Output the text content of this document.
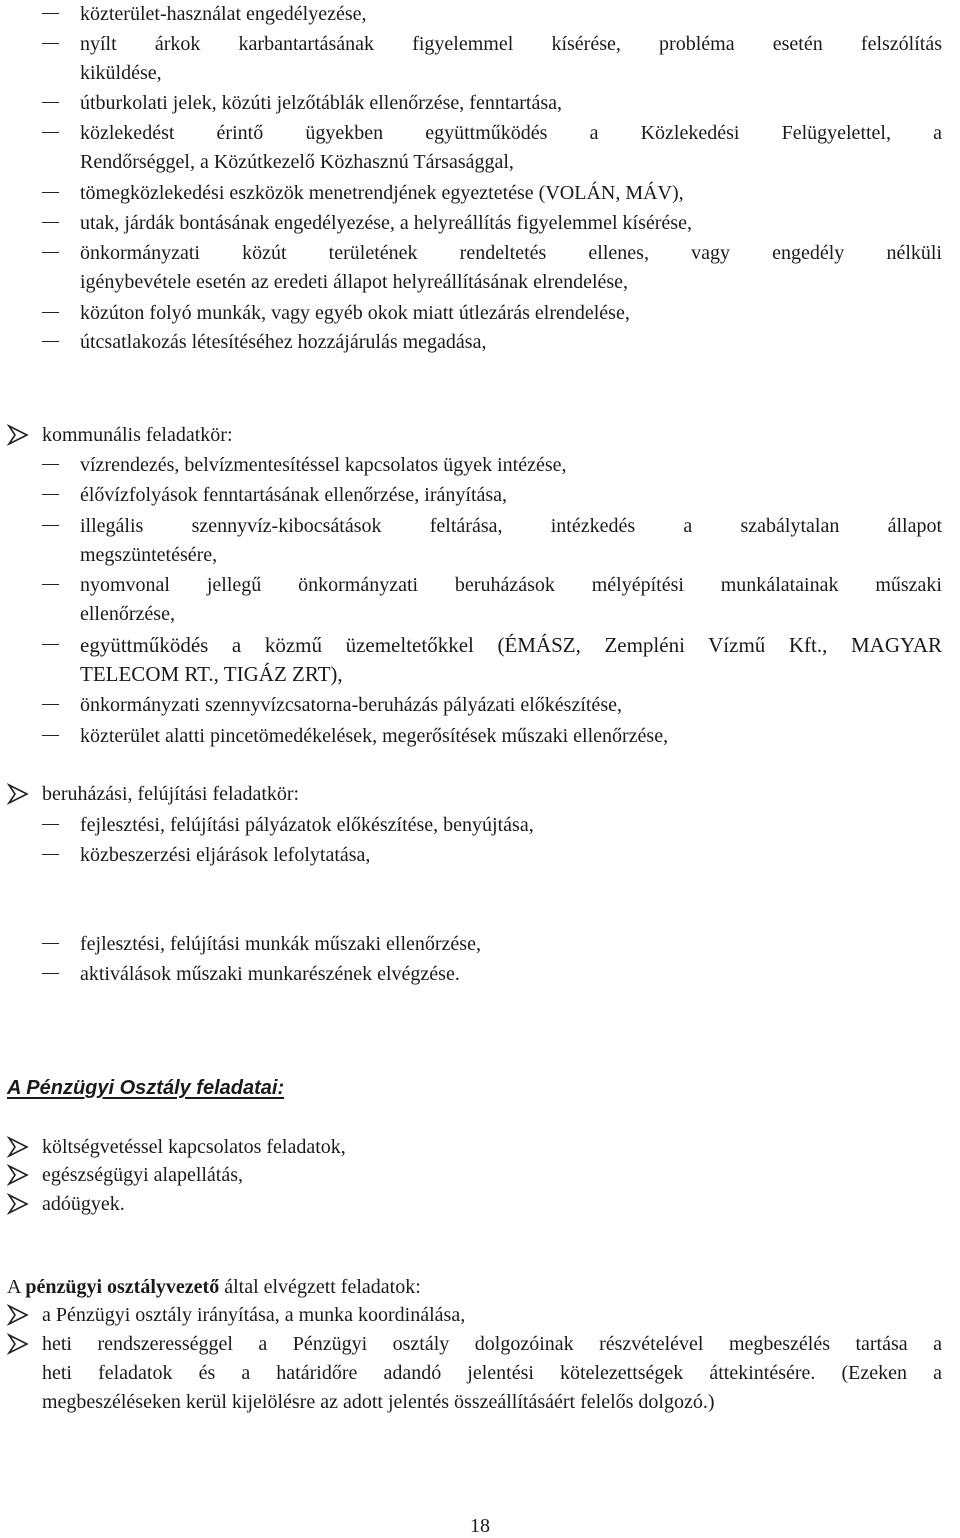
közterület-használat engedélyezése,
nyílt árkok karbantartásának figyelemmel kísérése, probléma esetén felszólítás
kiküldése,
útburkolati jelek, közúti jelzőtáblák ellenőrzése, fenntartása,
közlekedést érintő ügyekben együttműködés a Közlekedési Felügyelettel, a
Rendőrséggel, a Közútkezelő Közhasznú Társasággal,
tömegközlekedési eszközök menetrendjének egyeztetése (VOLÁN, MÁV),
utak, járdák bontásának engedélyezése, a helyreállítás figyelemmel kísérése,
önkormányzati közút területének rendeltetés ellenes, vagy engedély nélküli
igénybevétele esetén az eredeti állapot helyreállításának elrendelése,
közúton folyó munkák, vagy egyéb okok miatt útlezárás elrendelése,
útcsatlakozás létesítéséhez hozzájárulás megadása,
kommunális feladatkör:
vízrendezés, belvízmentesítéssel kapcsolatos ügyek intézése,
élővízfolyások fenntartásának ellenőrzése, irányítása,
illegális szennyvíz-kibocsátások feltárása, intézkedés a szabálytalan állapot
megszüntetésére,
nyomvonal jellegű önkormányzati beruházások mélyépítési munkálatainak műszaki
ellenőrzése,
együttműködés a közmű üzemeltetőkkel (ÉMÁSZ, Zempléni Vízmű Kft., MAGYAR
TELECOM RT., TIGÁZ ZRT),
önkormányzati szennyvízcsatorna-beruházás pályázati előkészítése,
közterület alatti pincetömedékelések, megerősítések műszaki ellenőrzése,
beruházási, felújítási feladatkör:
fejlesztési, felújítási pályázatok előkészítése, benyújtása,
közbeszerzési eljárások lefolytatása,
fejlesztési, felújítási munkák műszaki ellenőrzése,
aktiválások műszaki munkarészének elvégzése.
A Pénzügyi Osztály feladatai:
költségvetéssel kapcsolatos feladatok,
egészségügyi alapellátás,
adóügyek.
A pénzügyi osztályvezető által elvégzett feladatok:
a Pénzügyi osztály irányítása, a munka koordinálása,
heti rendszerességgel a Pénzügyi osztály dolgozóinak részvételével megbeszélés tartása a
heti feladatok és a határidőre adandó jelentési kötelezettségek áttekintésére. (Ezeken a
megbeszéléseken kerül kijelölésre az adott jelentés összeállításáért felelős dolgozó.)
18
